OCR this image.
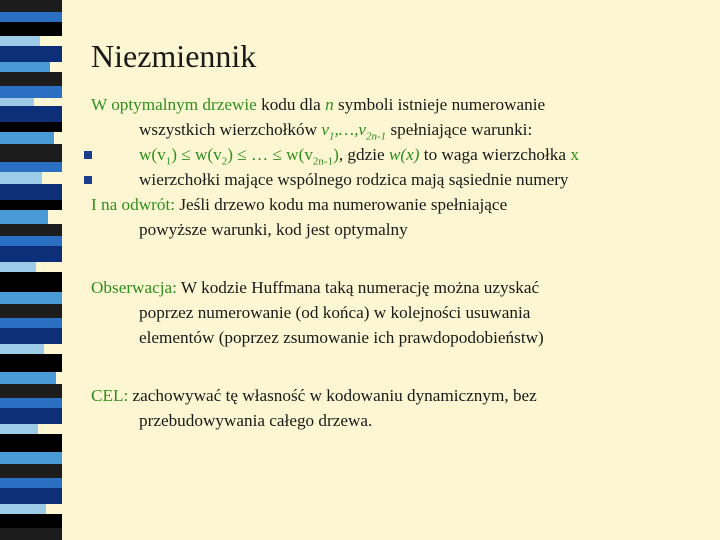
Niezmiennik
W optymalnym drzewie kodu dla n symboli istnieje numerowanie
wszystkich wierzchołków $v_1,\dots,v_{2n-1}$ spełniające warunki:
$w(v_1) \le w(v_2)$ ≤ … ≤ $w(v_{2n-1})$, gdzie w(x) to waga wierzchołka x
wierzchołki mające wspólnego rodzica mają sąsiednie numery
I na odwrót: Jeśli drzewo kodu ma numerowanie spełniające
powyższe warunki, kod jest optymalny
Obserwacja: W kodzie Huffmana taką numerację można uzyskać
poprzez numerowanie (od końca) w kolejności usuwania
elementów (poprzez zsumowanie ich prawdopodobieństw)
CEL: zachowywać tę własność w kodowaniu dynamicznym, bez
przebudowywania całego drzewa.
